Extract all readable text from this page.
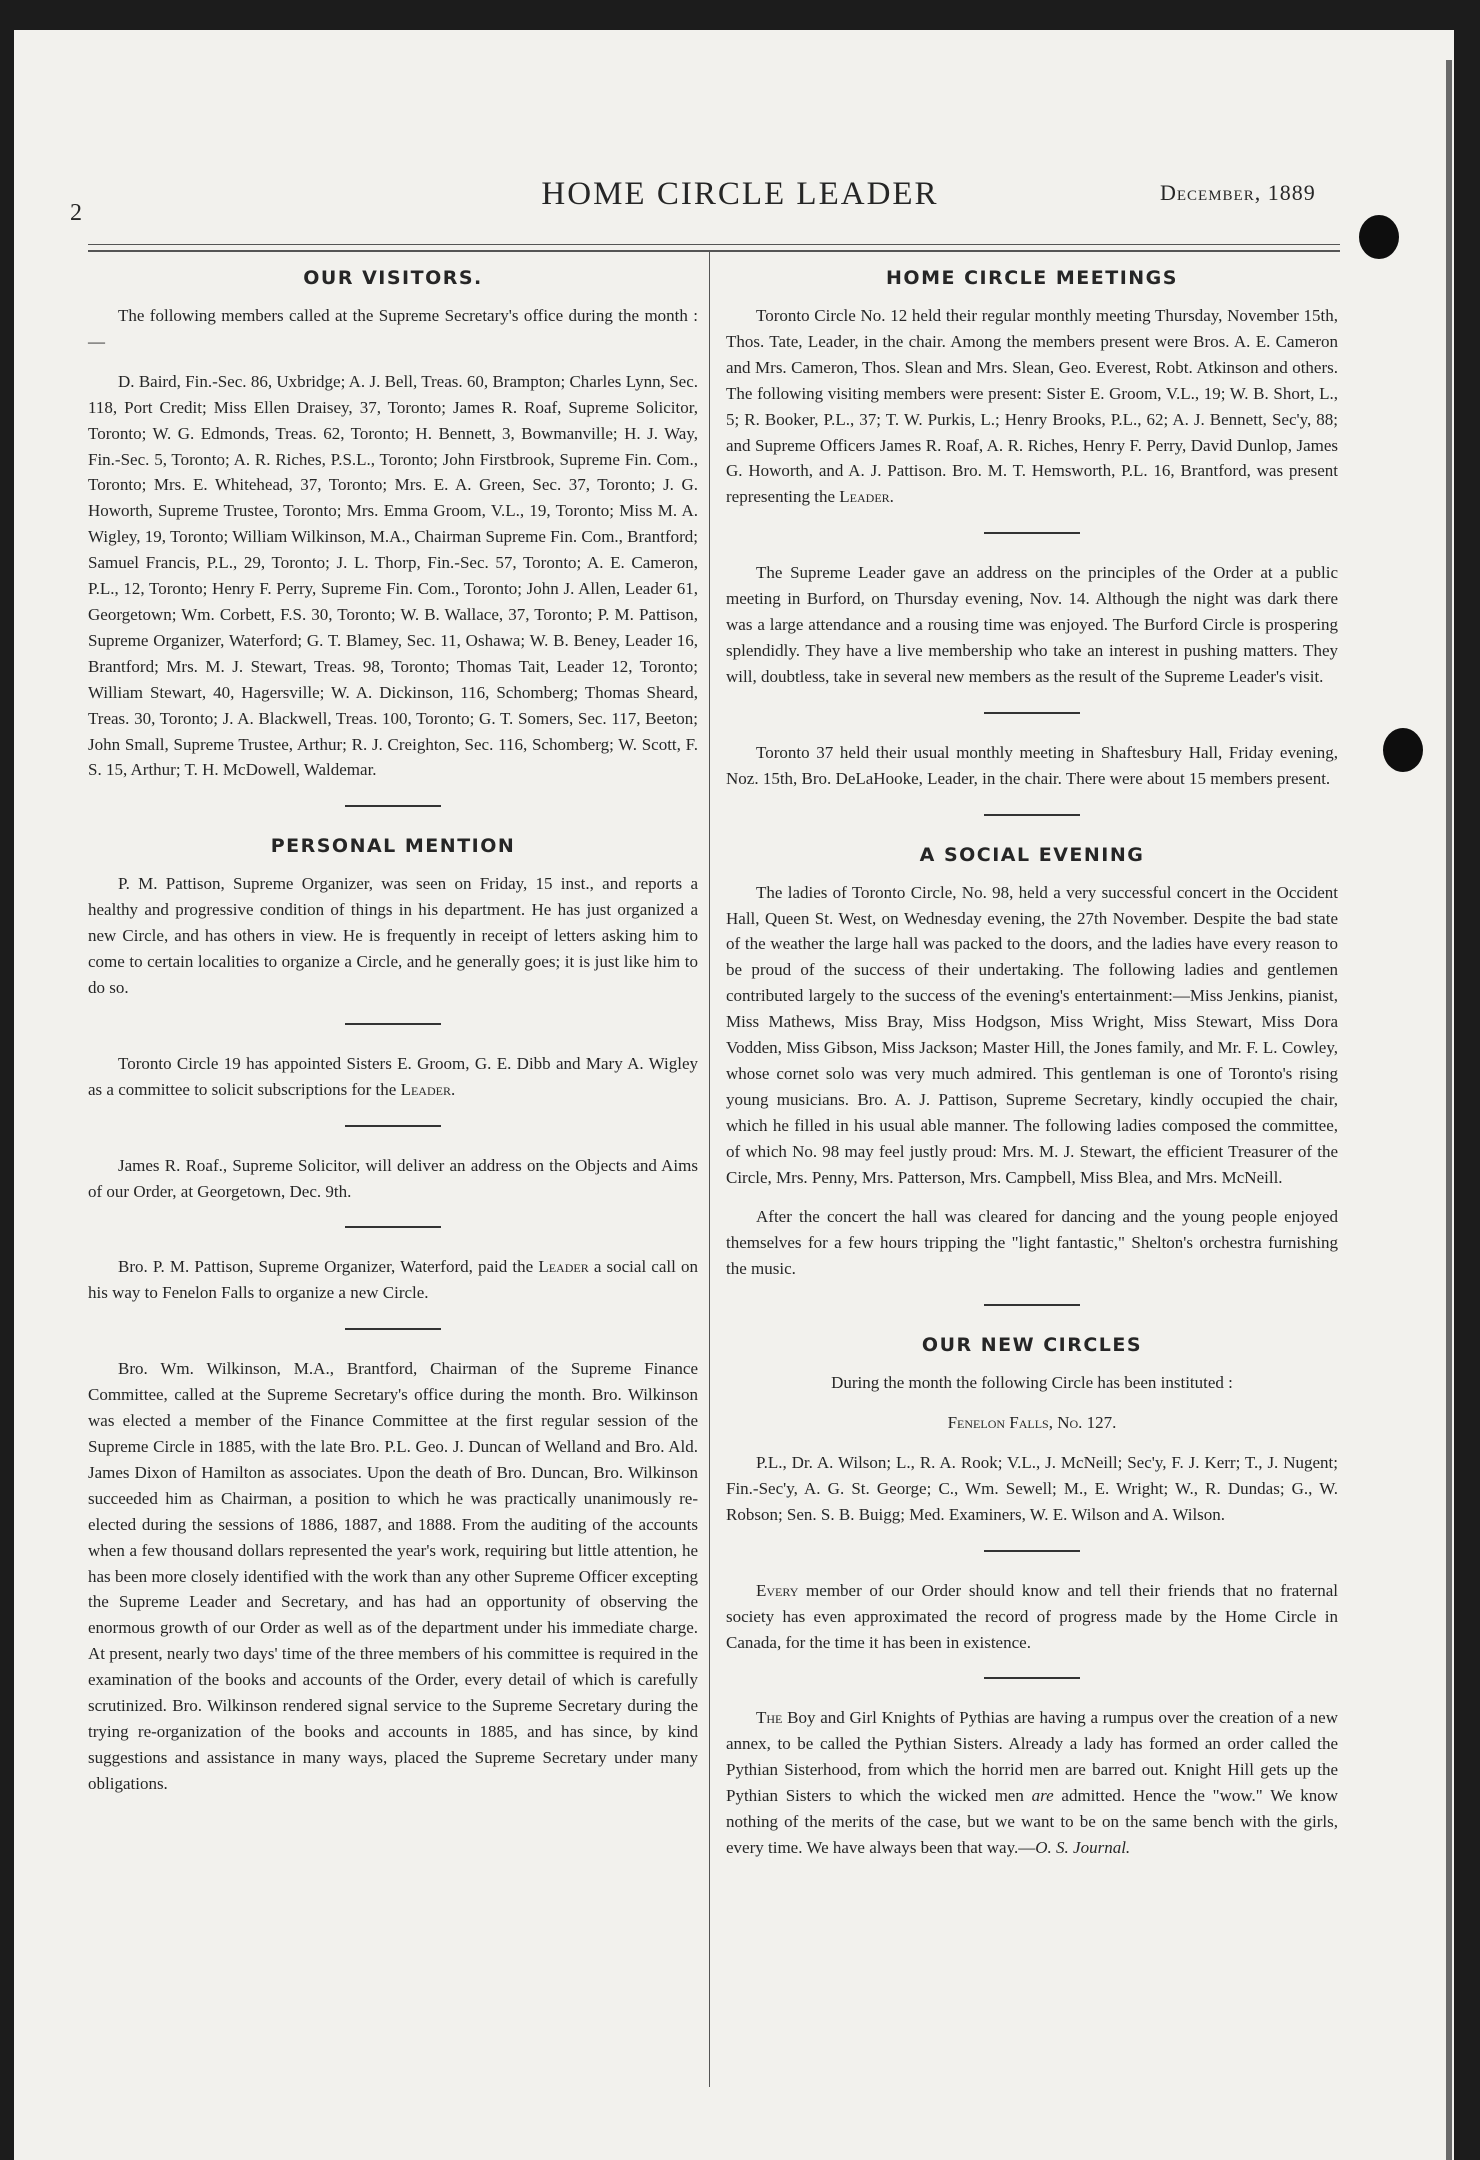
2
HOME CIRCLE LEADER	December, 1889
OUR VISITORS.

The following members called at the Supreme Secretary's office during the month :—

D. Baird, Fin.-Sec. 86, Uxbridge; A. J. Bell, Treas. 60, Brampton; Charles Lynn, Sec. 118, Port Credit; Miss Ellen Draisey, 37, Toronto; James R. Roaf, Supreme Solicitor, Toronto; W. G. Edmonds, Treas. 62, Toronto; H. Bennett, 3, Bowmanville; H. J. Way, Fin.-Sec. 5, Toronto; A. R. Riches, P.S.L., Toronto; John Firstbrook, Supreme Fin. Com., Toronto; Mrs. E. Whitehead, 37, Toronto; Mrs. E. A. Green, Sec. 37, Toronto; J. G. Howorth, Supreme Trustee, Toronto; Mrs. Emma Groom, V.L., 19, Toronto; Miss M. A. Wigley, 19, Toronto; William Wilkinson, M.A., Chairman Supreme Fin. Com., Brantford; Samuel Francis, P.L., 29, Toronto; J. L. Thorp, Fin.-Sec. 57, Toronto; A. E. Cameron, P.L., 12, Toronto; Henry F. Perry, Supreme Fin. Com., Toronto; John J. Allen, Leader 61, Georgetown; Wm. Corbett, F.S. 30, Toronto; W. B. Wallace, 37, Toronto; P. M. Pattison, Supreme Organizer, Waterford; G. T. Blamey, Sec. 11, Oshawa; W. B. Beney, Leader 16, Brantford; Mrs. M. J. Stewart, Treas. 98, Toronto; Thomas Tait, Leader 12, Toronto; William Stewart, 40, Hagersville; W. A. Dickinson, 116, Schomberg; Thomas Sheard, Treas. 30, Toronto; J. A. Blackwell, Treas. 100, Toronto; G. T. Somers, Sec. 117, Beeton; John Small, Supreme Trustee, Arthur; R. J. Creighton, Sec. 116, Schomberg; W. Scott, F. S. 15, Arthur; T. H. McDowell, Waldemar.

PERSONAL MENTION

P. M. Pattison, Supreme Organizer, was seen on Friday, 15 inst., and reports a healthy and progressive condition of things in his department. He has just organized a new Circle, and has others in view. He is frequently in receipt of letters asking him to come to certain localities to organize a Circle, and he generally goes; it is just like him to do so.

Toronto Circle 19 has appointed Sisters E. Groom, G. E. Dibb and Mary A. Wigley as a committee to solicit subscriptions for the Leader.

James R. Roaf., Supreme Solicitor, will deliver an address on the Objects and Aims of our Order, at Georgetown, Dec. 9th.

Bro. P. M. Pattison, Supreme Organizer, Waterford, paid the Leader a social call on his way to Fenelon Falls to organize a new Circle.

Bro. Wm. Wilkinson, M.A., Brantford, Chairman of the Supreme Finance Committee, called at the Supreme Secretary's office during the month. Bro. Wilkinson was elected a member of the Finance Committee at the first regular session of the Supreme Circle in 1885, with the late Bro. P.L. Geo. J. Duncan of Welland and Bro. Ald. James Dixon of Hamilton as associates. Upon the death of Bro. Duncan, Bro. Wilkinson succeeded him as Chairman, a position to which he was practically unanimously re-elected during the sessions of 1886, 1887, and 1888. From the auditing of the accounts when a few thousand dollars represented the year's work, requiring but little attention, he has been more closely identified with the work than any other Supreme Officer excepting the Supreme Leader and Secretary, and has had an opportunity of observing the enormous growth of our Order as well as of the department under his immediate charge. At present, nearly two days' time of the three members of his committee is required in the examination of the books and accounts of the Order, every detail of which is carefully scrutinized. Bro. Wilkinson rendered signal service to the Supreme Secretary during the trying re-organization of the books and accounts in 1885, and has since, by kind suggestions and assistance in many ways, placed the Supreme Secretary under many obligations.

HOME CIRCLE MEETINGS

Toronto Circle No. 12 held their regular monthly meeting Thursday, November 15th, Thos. Tate, Leader, in the chair. Among the members present were Bros. A. E. Cameron and Mrs. Cameron, Thos. Slean and Mrs. Slean, Geo. Everest, Robt. Atkinson and others. The following visiting members were present: Sister E. Groom, V.L., 19; W. B. Short, L., 5; R. Booker, P.L., 37; T. W. Purkis, L.; Henry Brooks, P.L., 62; A. J. Bennett, Sec'y, 88; and Supreme Officers James R. Roaf, A. R. Riches, Henry F. Perry, David Dunlop, James G. Howorth, and A. J. Pattison. Bro. M. T. Hemsworth, P.L. 16, Brantford, was present representing the Leader.

The Supreme Leader gave an address on the principles of the Order at a public meeting in Burford, on Thursday evening, Nov. 14. Although the night was dark there was a large attendance and a rousing time was enjoyed. The Burford Circle is prospering splendidly. They have a live membership who take an interest in pushing matters. They will, doubtless, take in several new members as the result of the Supreme Leader's visit.

Toronto 37 held their usual monthly meeting in Shaftesbury Hall, Friday evening, Noz. 15th, Bro. DeLaHooke, Leader, in the chair. There were about 15 members present.

A SOCIAL EVENING

The ladies of Toronto Circle, No. 98, held a very successful concert in the Occident Hall, Queen St. West, on Wednesday evening, the 27th November. Despite the bad state of the weather the large hall was packed to the doors, and the ladies have every reason to be proud of the success of their undertaking. The following ladies and gentlemen contributed largely to the success of the evening's entertainment:—Miss Jenkins, pianist, Miss Mathews, Miss Bray, Miss Hodgson, Miss Wright, Miss Stewart, Miss Dora Vodden, Miss Gibson, Miss Jackson; Master Hill, the Jones family, and Mr. F. L. Cowley, whose cornet solo was very much admired. This gentleman is one of Toronto's rising young musicians. Bro. A. J. Pattison, Supreme Secretary, kindly occupied the chair, which he filled in his usual able manner. The following ladies composed the committee, of which No. 98 may feel justly proud: Mrs. M. J. Stewart, the efficient Treasurer of the Circle, Mrs. Penny, Mrs. Patterson, Mrs. Campbell, Miss Blea, and Mrs. McNeill.

After the concert the hall was cleared for dancing and the young people enjoyed themselves for a few hours tripping the "light fantastic," Shelton's orchestra furnishing the music.

OUR NEW CIRCLES

During the month the following Circle has been instituted :

Fenelon Falls, No. 127.

P.L., Dr. A. Wilson; L., R. A. Rook; V.L., J. McNeill; Sec'y, F. J. Kerr; T., J. Nugent; Fin.-Sec'y, A. G. St. George; C., Wm. Sewell; M., E. Wright; W., R. Dundas; G., W. Robson; Sen. S. B. Buigg; Med. Examiners, W. E. Wilson and A. Wilson.

Every member of our Order should know and tell their friends that no fraternal society has even approximated the record of progress made by the Home Circle in Canada, for the time it has been in existence.

The Boy and Girl Knights of Pythias are having a rumpus over the creation of a new annex, to be called the Pythian Sisters. Already a lady has formed an order called the Pythian Sisterhood, from which the horrid men are barred out. Knight Hill gets up the Pythian Sisters to which the wicked men are admitted. Hence the "wow." We know nothing of the merits of the case, but we want to be on the same bench with the girls, every time. We have always been that way.—O. S. Journal.
